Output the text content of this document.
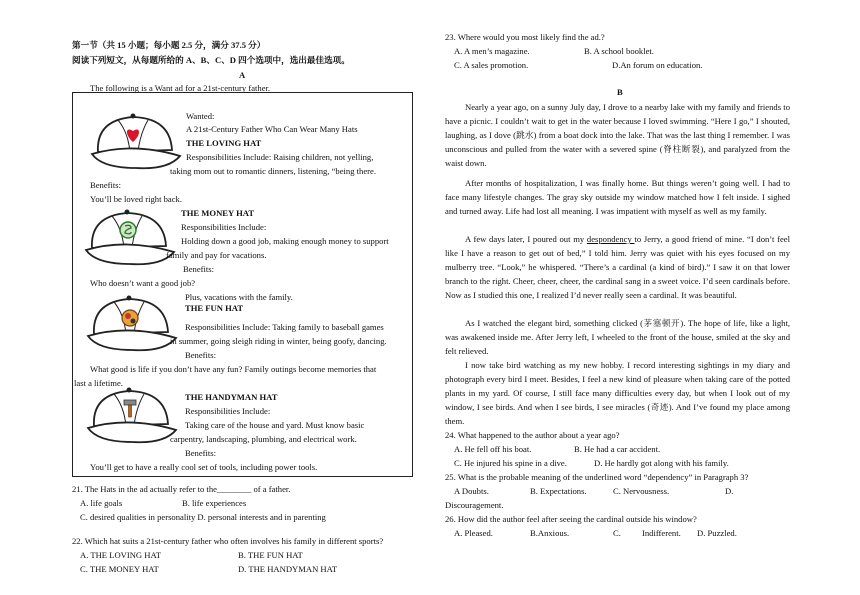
第一节（共 15 小题；每小题 2.5 分，满分 37.5 分）
阅读下列短文，从每题所给的 A、B、C、D 四个选项中，选出最佳选项。
A
The following is a Want ad for a 21st-century father.
Wanted:
A 21st-Century Father Who Can Wear Many Hats
THE LOVING HAT
Responsibilities Include: Raising children, not yelling,
taking mom out to romantic dinners, listening, “being there.
Benefits:
You’ll be loved right back.
THE MONEY HAT
Responsibilities Include:
Holding down a good job, making enough money to support
family and pay for vacations.
Benefits:
Who doesn’t want a good job?
Plus, vacations with the family.
THE FUN HAT
Responsibilities Include: Taking family to baseball games
in summer, going sleigh riding in winter, being goofy, dancing.
Benefits:
What good is life if you don’t have any fun? Family outings become memories that
last a lifetime.
THE HANDYMAN HAT
Responsibilities Include:
Taking care of the house and yard. Must know basic
carpentry, landscaping, plumbing, and electrical work.
Benefits:
You’ll get to have a really cool set of tools, including power tools.
21. The Hats in the ad actually refer to the________ of a father.
A. life goals	B. life experiences
C. desired qualities in personality D. personal interests and in parenting
22. Which hat suits a 21st-century father who often involves his family in different sports?
A. THE LOVING HAT	B. THE FUN HAT
C. THE MONEY HAT	D. THE HANDYMAN HAT
23. Where would you most likely find the ad.?
A. A men’s magazine.	B. A school booklet.
C. A sales promotion.	D.An forum on education.
B
Nearly a year ago, on a sunny July day, I drove to a nearby lake with my family and friends to have a picnic. I couldn’t wait to get in the water because I loved swimming. “Here I go,” I shouted, laughing, as I dove (跳水) from a boat dock into the lake. That was the last thing I remember. I was unconscious and pulled from the water with a severed spine (脊柱断裂), and paralyzed from the waist down.
After months of hospitalization, I was finally home. But things weren’t going well. I had to face many lifestyle changes. The gray sky outside my window matched how I felt inside. I sighed and turned away. Life had lost all meaning. I was impatient with myself as well as my family.
A few days later, I poured out my despondency to Jerry, a good friend of mine. “I don’t feel like I have a reason to get out of bed,” I told him. Jerry was quiet with his eyes focused on my mulberry tree. “Look,” he whispered. “There’s a cardinal (a kind of bird).” I saw it on that lower branch to the right. Cheer, cheer, cheer, the cardinal sang in a sweet voice. I’d seen cardinals before. Now as I studied this one, I realized I’d never really seen a cardinal. It was beautiful.
As I watched the elegant bird, something clicked (茅塞顿开). The hope of life, like a light, was awakened inside me. After Jerry left, I wheeled to the front of the house, smiled at the sky and felt relieved.
I now take bird watching as my new hobby. I record interesting sightings in my diary and photograph every bird I meet. Besides, I feel a new kind of pleasure when taking care of the potted plants in my yard. Of course, I still face many difficulties every day, but when I look out of my window, I see birds. And when I see birds, I see miracles (奇迹). And I’ve found my place among them.
24. What happened to the author about a year ago?
A. He fell off his boat.	B. He had a car accident.
C. He injured his spine in a dive.	D. He hardly got along with his family.
25. What is the probable meaning of the underlined word “dependency” in Paragraph 3?
A Doubts.	B. Expectations.	C. Nervousness.	D.
Discouragement.
26. How did the author feel after seeing the cardinal outside his window?
A. Pleased.	B.Anxious.	C. Indifferent. D. Puzzled.
